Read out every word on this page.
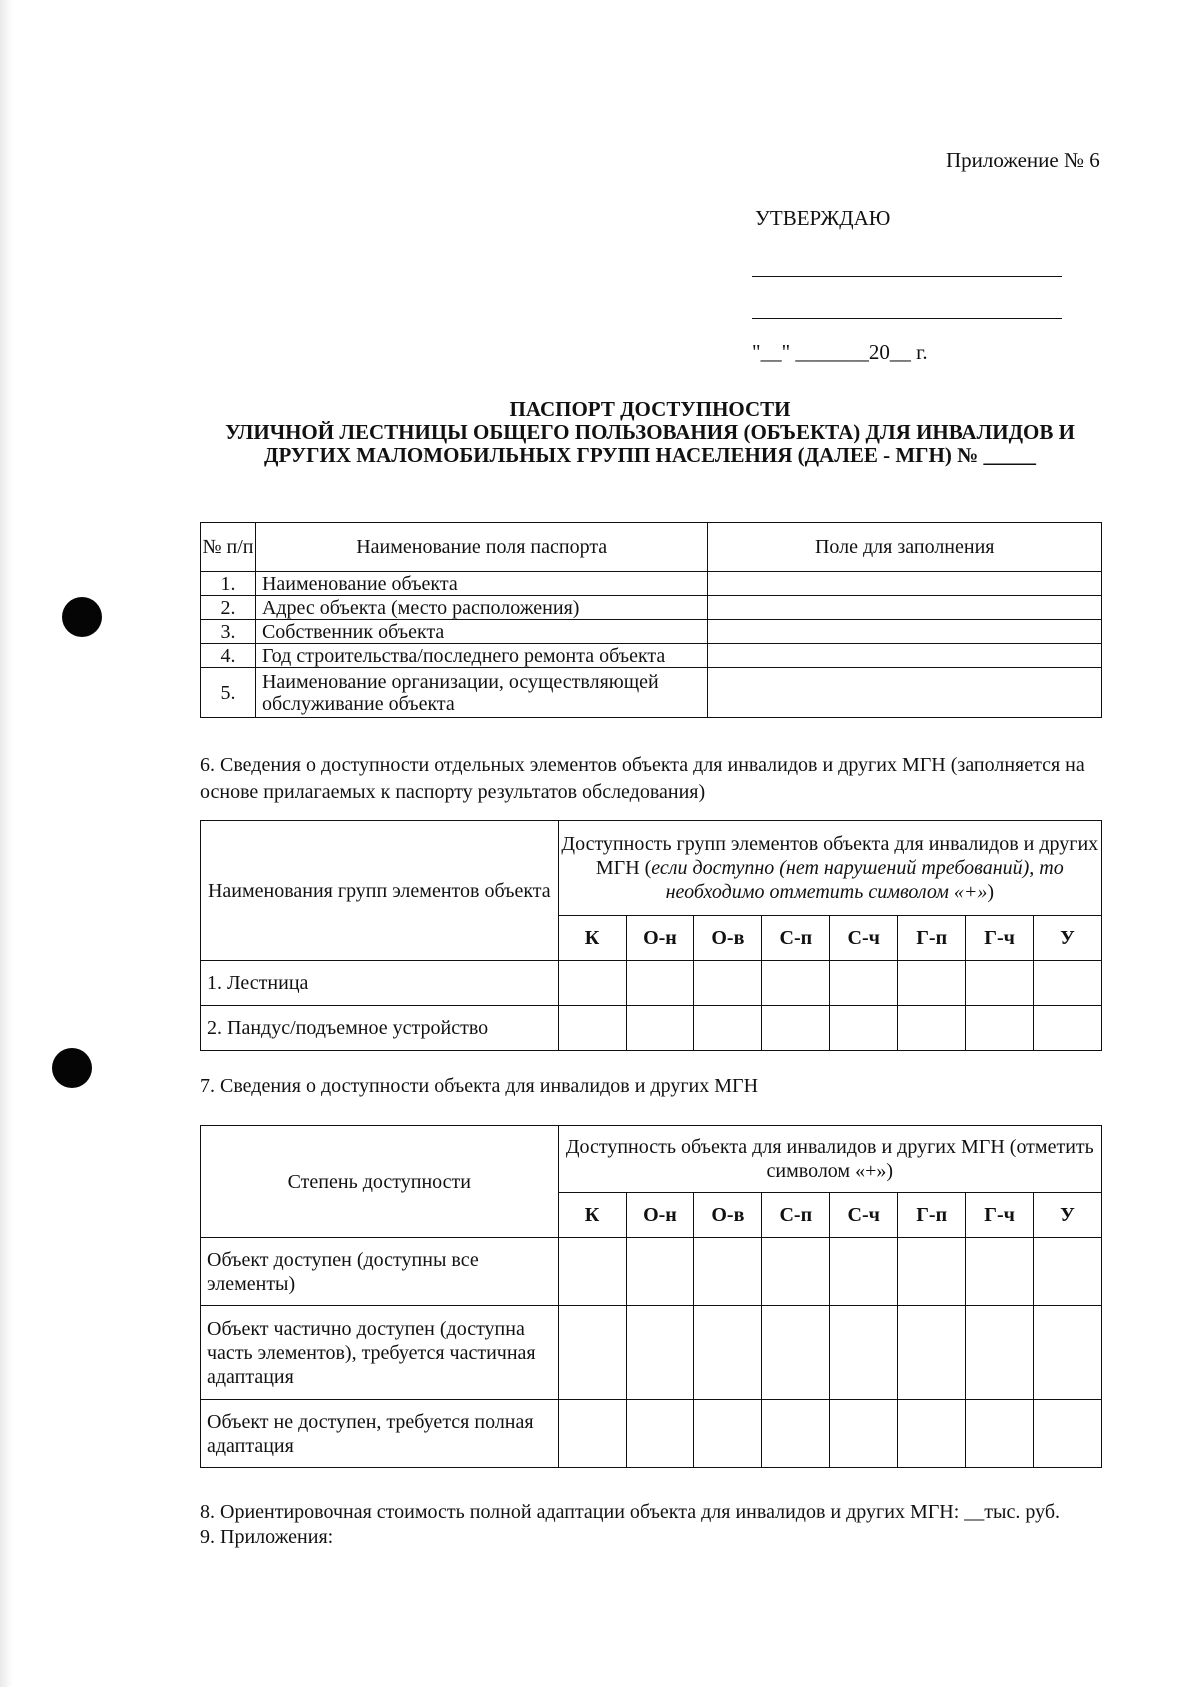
Приложение № 6
УТВЕРЖДАЮ
"__" _______20__ г.
ПАСПОРТ ДОСТУПНОСТИ
УЛИЧНОЙ ЛЕСТНИЦЫ ОБЩЕГО ПОЛЬЗОВАНИЯ (ОБЪЕКТА) ДЛЯ ИНВАЛИДОВ И
ДРУГИХ МАЛОМОБИЛЬНЫХ ГРУПП НАСЕЛЕНИЯ (ДАЛЕЕ - МГН) № _____
№ п/п	Наименование поля паспорта	Поле для заполнения
1.	Наименование объекта	
2.	Адрес объекта (место расположения)	
3.	Собственник объекта	
4.	Год строительства/последнего ремонта объекта	
5.	Наименование организации, осуществляющей обслуживание объекта	
6. Сведения о доступности отдельных элементов объекта для инвалидов и других МГН (заполняется на основе прилагаемых к паспорту результатов обследования)
Наименования групп элементов объекта	Доступность групп элементов объекта для инвалидов и других МГН (если доступно (нет нарушений требований), то необходимо отметить символом «+»)							
	К	О-н	О-в	С-п	С-ч	Г-п	Г-ч	У
1. Лестница								
2. Пандус/подъемное устройство								
7. Сведения о доступности объекта для инвалидов и других МГН
Степень доступности	Доступность объекта для инвалидов и других МГН (отметить символом «+»)							
	К	О-н	О-в	С-п	С-ч	Г-п	Г-ч	У
Объект доступен (доступны все элементы)								
Объект частично доступен (доступна часть элементов), требуется частичная адаптация								
Объект не доступен, требуется полная адаптация								
8. Ориентировочная стоимость полной адаптации объекта для инвалидов и других МГН: __тыс. руб.
9. Приложения:
